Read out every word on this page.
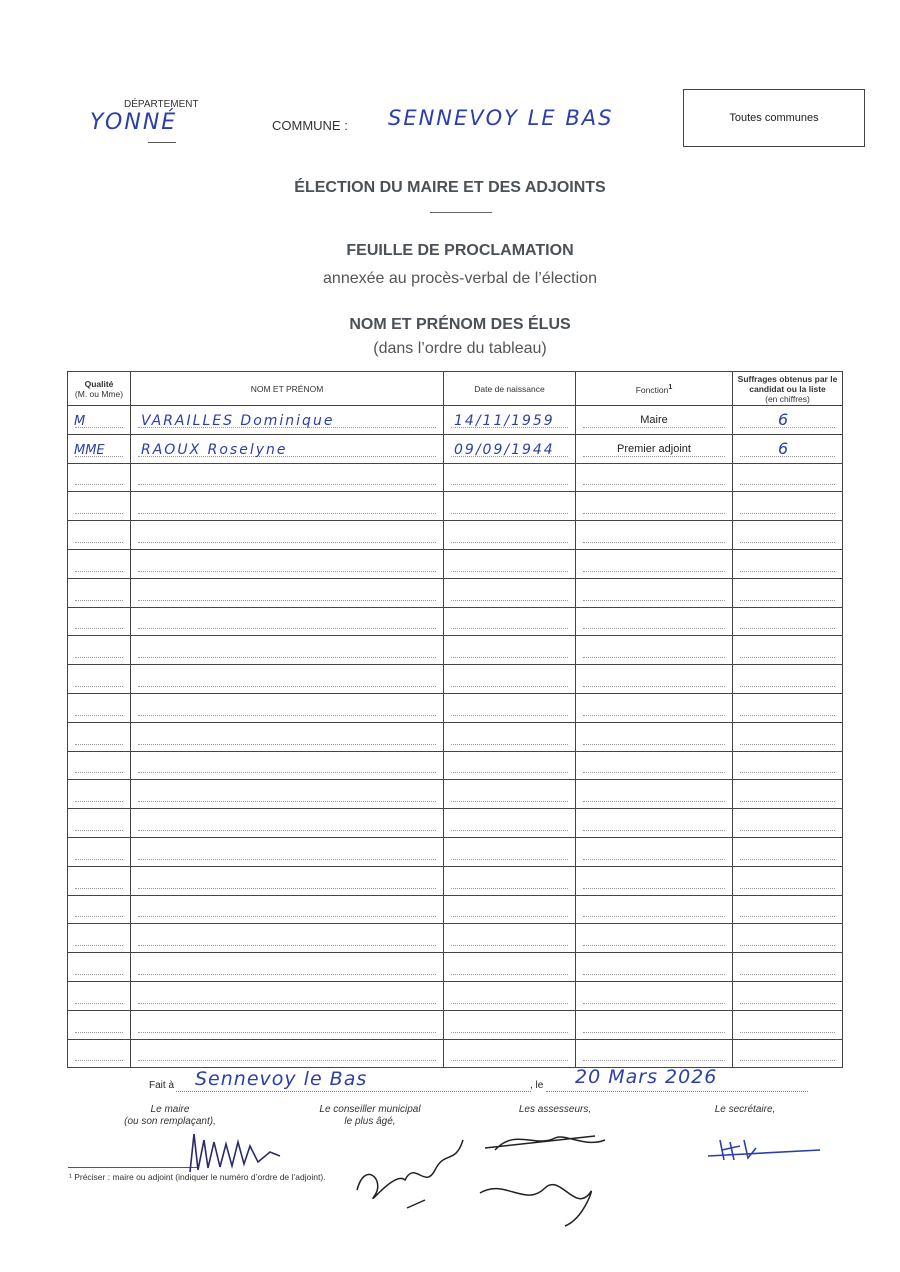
DÉPARTEMENT
YONNÉ	COMMUNE : SENNEVOY LE BAS	Toutes communes
ÉLECTION DU MAIRE ET DES ADJOINTS
FEUILLE DE PROCLAMATION
annexée au procès-verbal de l’élection
NOM ET PRÉNOM DES ÉLUS
(dans l’ordre du tableau)
Qualité
(M. ou Mme)	NOM ET PRÉNOM	Date de naissance	Fonction$^1$	Suffrages obtenus par le candidat ou la liste
(en chiffres)

M	VARAILLES Dominique	14/11/1959	Maire	6

MME	RAOUX Roselyne	09/09/1944	Premier adjoint	6

Fait à Sennevoy le Bas	, le 20 Mars 2026
Le maire
(ou son remplaçant),
Le conseiller municipal
le plus âgé,
Les assesseurs,	Le secrétaire,
¹ Préciser : maire ou adjoint (indiquer le numéro d’ordre de l’adjoint).
